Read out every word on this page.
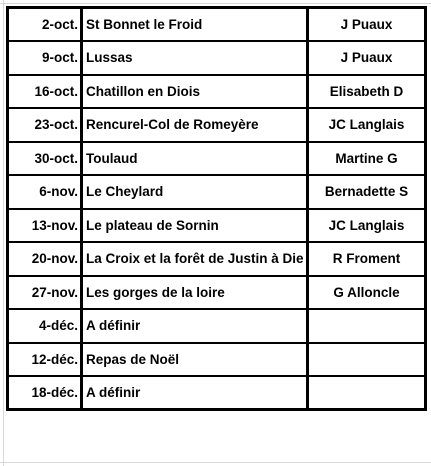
2-oct.	St Bonnet le Froid	J Puaux
9-oct.	Lussas	J Puaux
16-oct.	Chatillon en Diois	Elisabeth D
23-oct.	Rencurel-Col de Romeyère	JC Langlais
30-oct.	Toulaud	Martine G
6-nov.	Le Cheylard	Bernadette S
13-nov.	Le plateau de Sornin	JC Langlais
20-nov.	La Croix et la forêt de Justin à Die	R Froment
27-nov.	Les gorges de la loire	G Alloncle
4-déc.	A définir	
12-déc.	Repas de Noël	
18-déc.	A définir	
